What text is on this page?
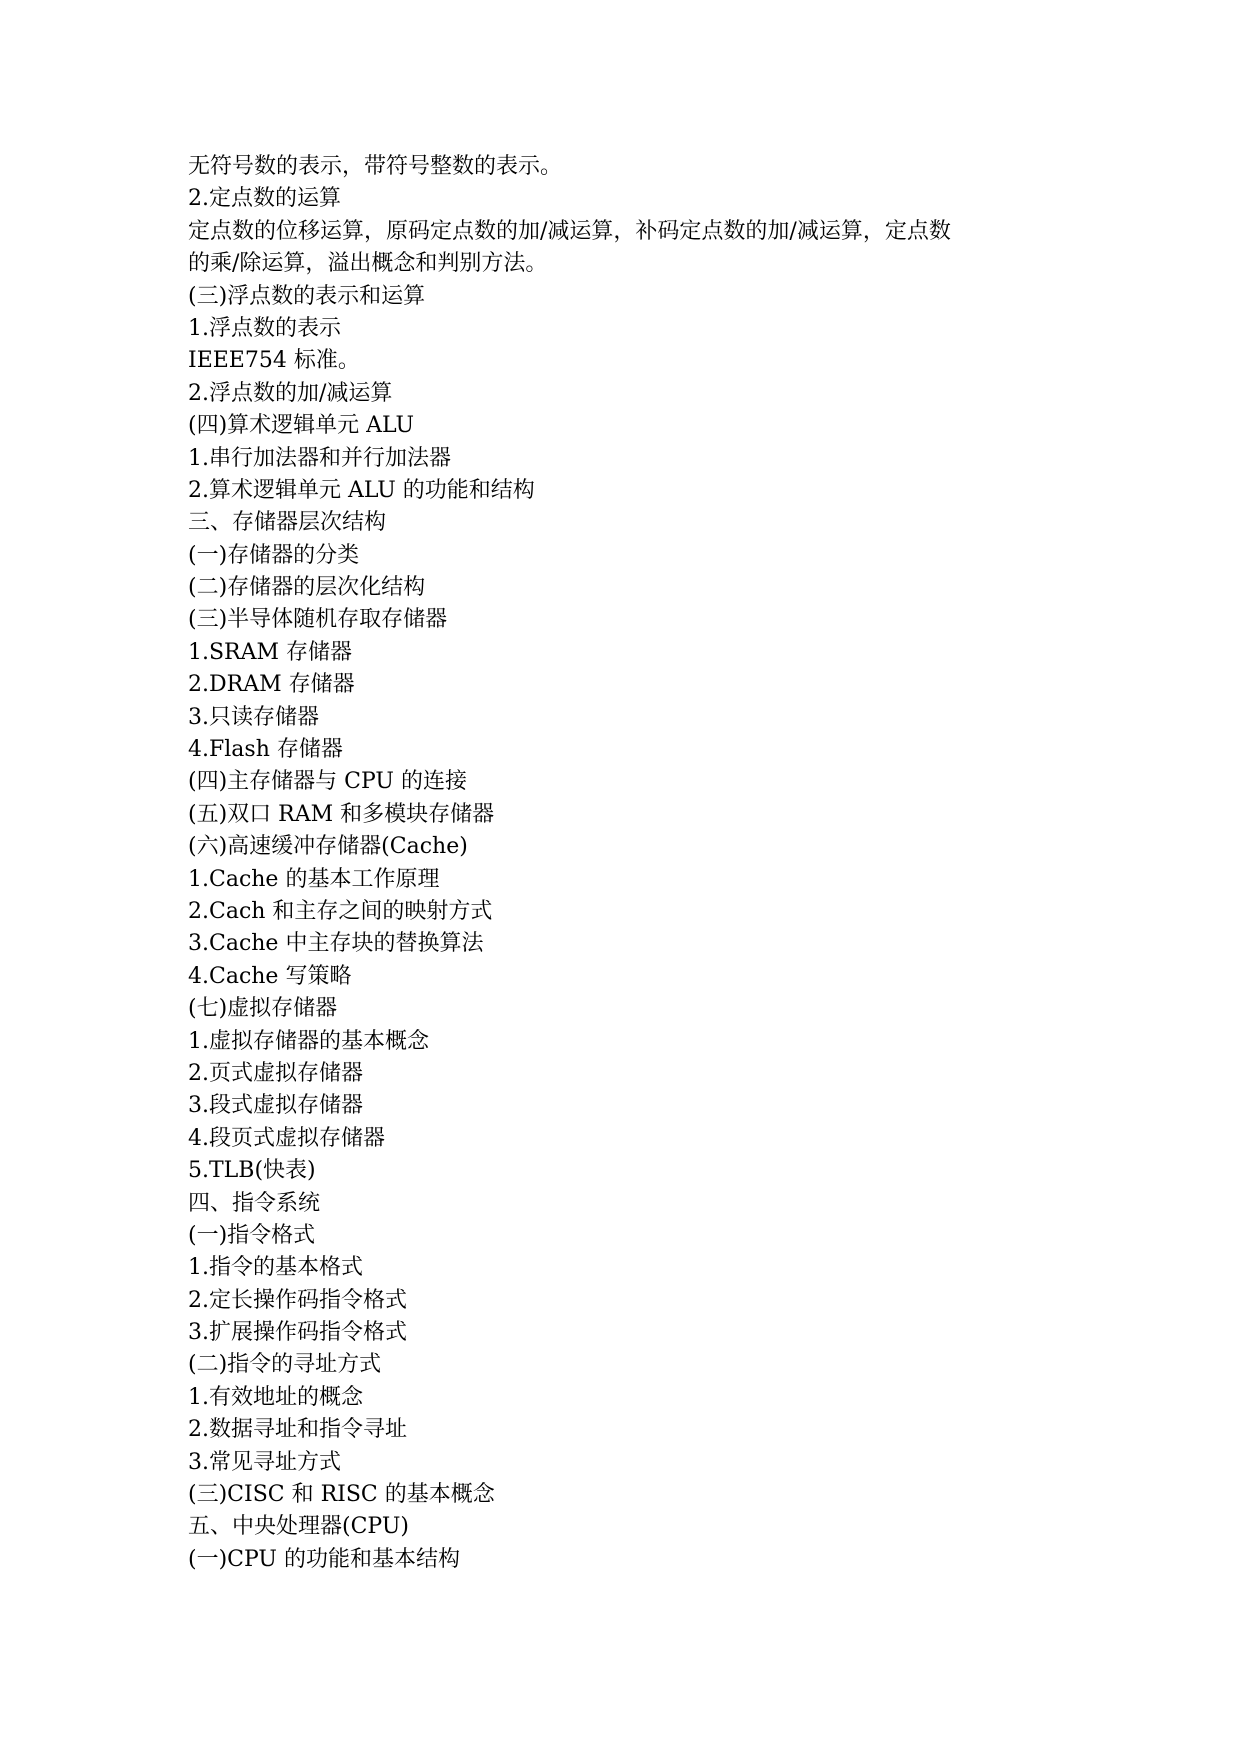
无符号数的表示，带符号整数的表示。

2.定点数的运算

定点数的位移运算，原码定点数的加/减运算，补码定点数的加/减运算，定点数

的乘/除运算，溢出概念和判别方法。

(三)浮点数的表示和运算

1.浮点数的表示

IEEE754 标准。

2.浮点数的加/减运算

(四)算术逻辑单元 ALU

1.串行加法器和并行加法器

2.算术逻辑单元 ALU 的功能和结构

三、存储器层次结构

(一)存储器的分类

(二)存储器的层次化结构

(三)半导体随机存取存储器

1.SRAM 存储器

2.DRAM 存储器

3.只读存储器

4.Flash 存储器

(四)主存储器与 CPU 的连接

(五)双口 RAM 和多模块存储器

(六)高速缓冲存储器(Cache)

1.Cache 的基本工作原理

2.Cach 和主存之间的映射方式

3.Cache 中主存块的替换算法

4.Cache 写策略

(七)虚拟存储器

1.虚拟存储器的基本概念

2.页式虚拟存储器

3.段式虚拟存储器

4.段页式虚拟存储器

5.TLB(快表)

四、指令系统

(一)指令格式

1.指令的基本格式

2.定长操作码指令格式

3.扩展操作码指令格式

(二)指令的寻址方式

1.有效地址的概念

2.数据寻址和指令寻址

3.常见寻址方式

(三)CISC 和 RISC 的基本概念

五、中央处理器(CPU)

(一)CPU 的功能和基本结构
